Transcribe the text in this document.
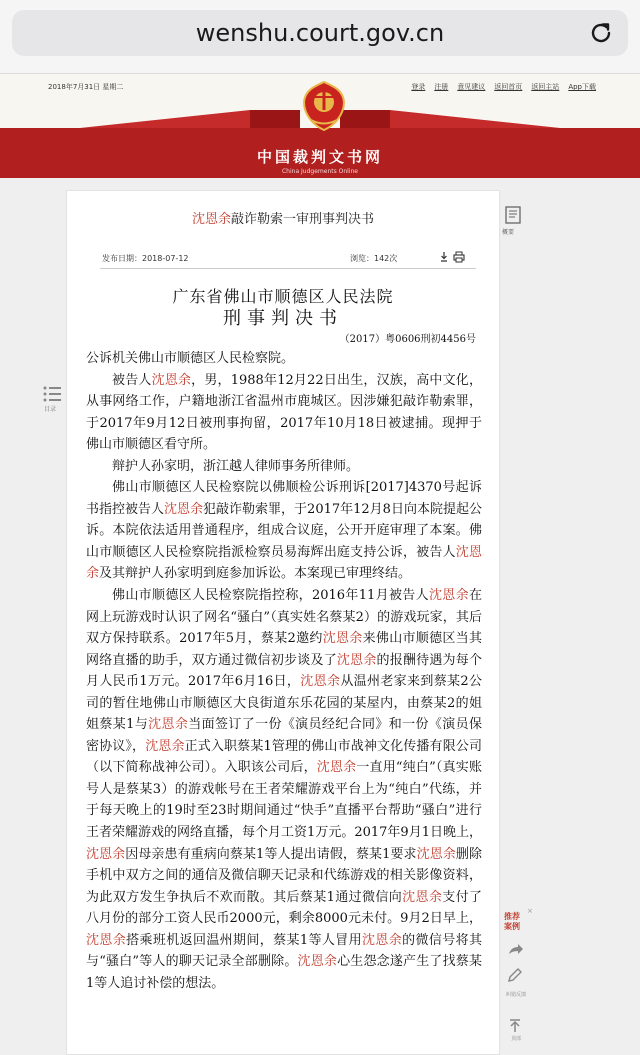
wenshu.court.gov.cn
2018年7月31日 星期二	登录 注册 意见建议 返回首页 返回主站 App下载
中国裁判文书网
China Judgements Online
沈恩余敲诈勒索一审刑事判决书
发布日期：2018-07-12	浏览：142次
广东省佛山市顺德区人民法院
刑事判决书
（2017）粤0606刑初4456号

公诉机关佛山市顺德区人民检察院。

被告人沈恩余，男，1988年12月22日出生，汉族，高中文化，从事网络工作，户籍地浙江省温州市鹿城区。因涉嫌犯敲诈勒索罪，于2017年9月12日被刑事拘留，2017年10月18日被逮捕。现押于佛山市顺德区看守所。

辩护人孙家明，浙江越人律师事务所律师。

佛山市顺德区人民检察院以佛顺检公诉刑诉[2017]4370号起诉书指控被告人沈恩余犯敲诈勒索罪，于2017年12月8日向本院提起公诉。本院依法适用普通程序，组成合议庭，公开开庭审理了本案。佛山市顺德区人民检察院指派检察员易海辉出庭支持公诉，被告人沈恩余及其辩护人孙家明到庭参加诉讼。本案现已审理终结。

佛山市顺德区人民检察院指控称，2016年11月被告人沈恩余在网上玩游戏时认识了网名“骚白”（真实姓名蔡某2）的游戏玩家，其后双方保持联系。2017年5月，蔡某2邀约沈恩余来佛山市顺德区当其网络直播的助手，双方通过微信初步谈及了沈恩余的报酬待遇为每个月人民币1万元。2017年6月16日，沈恩余从温州老家来到蔡某2公司的暂住地佛山市顺德区大良街道东乐花园的某屋内，由蔡某2的姐姐蔡某1与沈恩余当面签订了一份《演员经纪合同》和一份《演员保密协议》，沈恩余正式入职蔡某1管理的佛山市战神文化传播有限公司（以下简称战神公司）。入职该公司后，沈恩余一直用“纯白”（真实账号人是蔡某3）的游戏帐号在王者荣耀游戏平台上为“纯白”代练，并于每天晚上的19时至23时期间通过“快手”直播平台帮助“骚白”进行王者荣耀游戏的网络直播，每个月工资1万元。2017年9月1日晚上，沈恩余因母亲患有重病向蔡某1等人提出请假，蔡某1要求沈恩余删除手机中双方之间的通信及微信聊天记录和代练游戏的相关影像资料，为此双方发生争执后不欢而散。其后蔡某1通过微信向沈恩余支付了八月份的部分工资人民币2000元，剩余8000元未付。9月2日早上，沈恩余搭乘班机返回温州期间，蔡某1等人冒用沈恩余的微信号将其与“骚白”等人的聊天记录全部删除。沈恩余心生怨念遂产生了找蔡某1等人追讨补偿的想法。

概要
目录
推荐案例
×
纠错反馈
顶部
